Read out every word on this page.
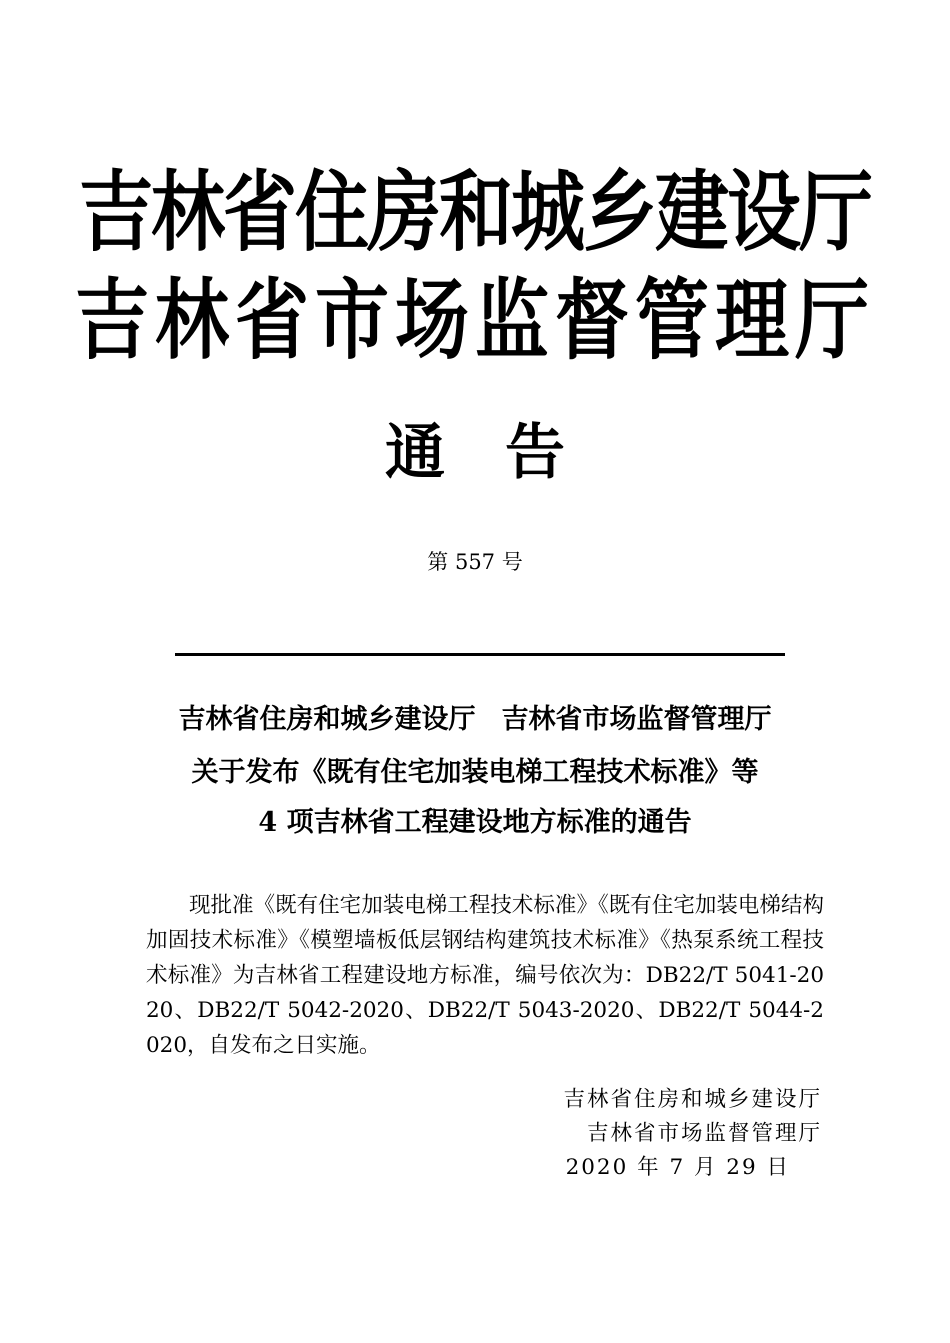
吉林省住房和城乡建设厅
吉林省市场监督管理厅
通 告
第 557 号
吉林省住房和城乡建设厅 吉林省市场监督管理厅
关于发布《既有住宅加装电梯工程技术标准》等
4 项吉林省工程建设地方标准的通告

现批准《既有住宅加装电梯工程技术标准》《既有住宅加装电梯结构加固技术标准》《模塑墙板低层钢结构建筑技术标准》《热泵系统工程技术标准》为吉林省工程建设地方标准，编号依次为：DB22/T 5041-2020、DB22/T 5042-2020、DB22/T 5043-2020、DB22/T 5044-2020，自发布之日实施。

吉林省住房和城乡建设厅
吉林省市场监督管理厅
2020 年 7 月 29 日
